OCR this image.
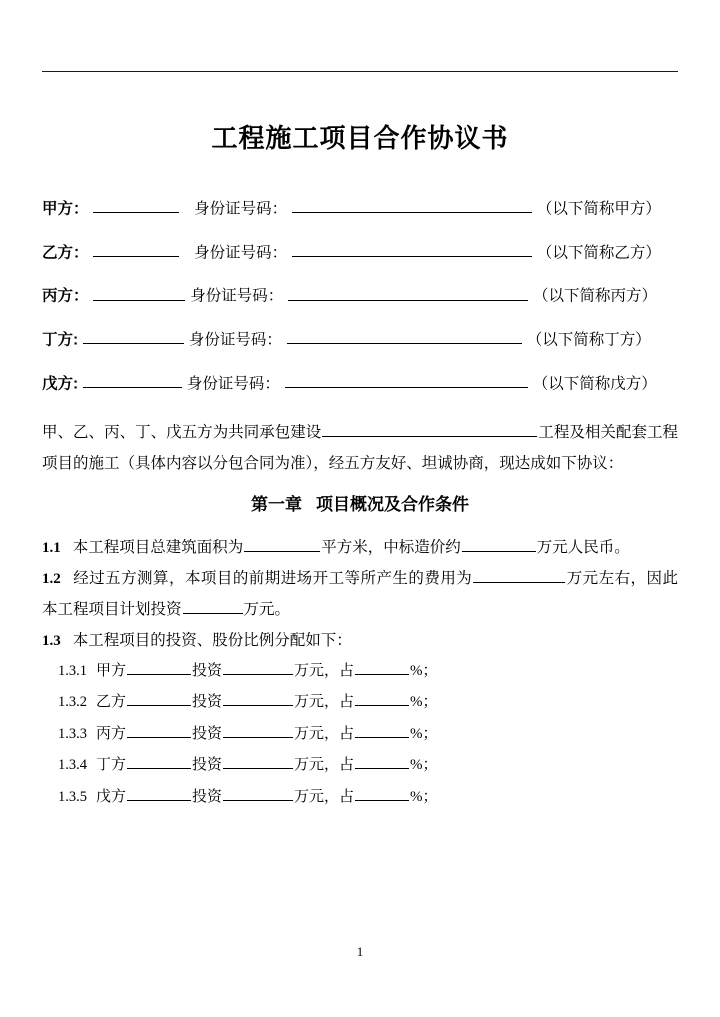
工程施工项目合作协议书
甲方：	身份证号码：	（以下简称甲方）
乙方：	身份证号码：	（以下简称乙方）
丙方：	身份证号码：	（以下简称丙方）
丁方:	身份证号码：	（以下简称丁方）
戊方:	身份证号码：	（以下简称戊方）

甲、乙、丙、丁、戊五方为共同承包建设	工程及相关配套工程项目的施工（具体内容以分包合同为准），经五方友好、坦诚协商，现达成如下协议：

第一章 项目概况及合作条件

1.1 本工程项目总建筑面积为	平方米，中标造价约	万元人民币。

1.2 经过五方测算，本项目的前期进场开工等所产生的费用为	万元左右，因此本工程项目计划投资	万元。

1.3 本工程项目的投资、股份比例分配如下：

1.3.1 甲方	投资	万元，占	%；

1.3.2 乙方	投资	万元，占	%；

1.3.3 丙方	投资	万元，占	%；

1.3.4 丁方	投资	万元，占	%；

1.3.5 戊方	投资	万元，占	%；

1
